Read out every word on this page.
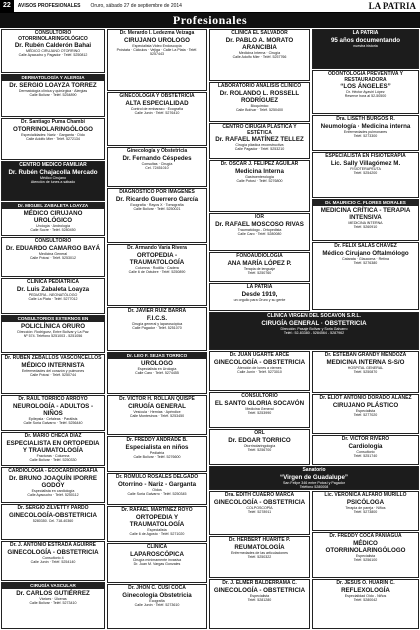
22	AVISOS PROFESIONALES	Oruro, sábado 27 de septiembre de 2014	LA PATRIA
Profesionales
CONSULTORIO OTORRINOLARINGOLÓGICO
Dr. Rubén Calderón Bahai
MÉDICO CIRUJANO OTORRINO
Calle Ayacucho y Pagador · Teléf. 5250812
DERMATOLOGÍA Y ALERGIA
Dr. SERGIO LOAYZA TORREZ
Dermatología clínica y quirúrgica · Alergias
Calle Bolívar · Teléf. 5254890
Dr. Santiago Puma Chambi
OTORRINOLARINGÓLOGO
Especialidades: Nariz · Garganta · Oído
Calle Adolfo Mier · Teléf. 5272134
CENTRO MÉDICO FAMILIAR
Dr. Rubén Chajacolla Mercado
Médico Cirujano
Atención de lunes a sábado
Dr. MIGUEL ZABALETA LOAYZA
MÉDICO CIRUJANO UROLÓGICO
Urología · Andrología
Calle Sucre · Teléf. 5280450
CONSULTORIO
Dr. EDUARDO CAMARGO BAYÁ
Medicina General
Calle Potosí · Teléf. 5253012
CLÍNICA PEDIÁTRICA
Dr. Luis Zabaleta Loayza
PEDIATRA - NEONATÓLOGO
Calle La Plata · Teléf. 5277012
CONSULTORIOS EXTERNOS EN
POLICLÍNICA ORURO
Dirección: Rodríguez, Entre Bolívar y La Paz
Nº 574. Teléfono 5251003 - 5251056
Dr. RUBÉN ZEBALLOS VASCONCELLOS
MÉDICO INTERNISTA
Enfermedades del corazón y pulmones
Calle Potosí · Teléf. 5250744
Dr. RAÚL TORRICO ARROYO
NEUROLOGÍA - ADULTOS - NIÑOS
Epilepsia · Cefaleas · Parálisis
Calle Soria Galvarro · Teléf. 5256440
Dr. MARIO CHECA DIAZ
ESPECIALISTA EN ORTOPEDIA Y TRAUMATOLOGÍA
Fracturas · Columna
Calle Bolívar · Teléf. 5250330
CARDIOLOGÍA - ECOCARDIOGRAFÍA
Dr. BRUNO JOAQUÍN IPORRE GODOY
Especialista en cardiología
Calle Ayacucho · Teléf. 5250112
Dr. SERGIO ZILVETTY PARDO
GINECOLOGÍA-OBSTETRICIA
5280350. Cel. 718-40360
Dr. J. ANTONIO ESTRADA AGUIRRE
GINECOLOGÍA - OBSTETRICIA
Consultorio 4
Calle Junín · Teléf. 5254140
CIRUGÍA VASCULAR
Dr. CARLOS GUTIÉRREZ
Várices · Úlceras
Calle Bolívar · Teléf. 5273410
Dr. Merardo I. Ledezma Veizaga
CIRUJANO UROLOGO
Especialista Video Endoscopía
Próstata · Cálculos · Vejiga · Calle La Plata · Teléf. 5257443
GINECOLOGÍA Y OBSTETRICIA
ALTA ESPECIALIDAD
Control de embarazo · Ecografía
Calle Junín · Teléf. 5276410
Ginecología y Obstetricia
Dr. Fernando Céspedes
Consultas · Cirugía
Cel. 72451010
DIAGNÓSTICO POR IMÁGENES
Dr. Ricardo Guerrero García
Ecografía · Rayos X · Tomografía
Calle Bolívar · Teléf. 5250021
Dr. Armando Varía Rivera
ORTOPEDIA - TRAUMATOLOGÍA
Columna · Rodilla · Cadera
Calle 6 de Octubre · Teléf. 5250890
Dr. JAVIER RUIZ BARRA
F.I.C.S.
Cirugía general y laparoscópica
Calle Pagador · Teléf. 5251070
Dr. LEO F. SEJAS TORRICO
UROLOGO
Especialista en Urología
Calle Caro · Teléf. 5274455
Dr. VÍCTOR H. ROLLAN QUISPE
CIRUGÍA GENERAL
Vesícula · Hernias · Apéndice
Calle Montesinos · Teléf. 5253450
Dr. FREDDY ANDRADE B.
Especialista en niños
Pediatría
Calle Bolívar · Teléf. 5276600
Dr. ROMULO ROSALES DELGADO
Otorrino - Nariz - Garganta
Oídos
Calle Soria Galvarro · Teléf. 5250345
Dr. RAFAEL MARTÍNEZ ROYO
ORTOPEDIA Y TRAUMATOLOGÍA
Especialista
Calle 6 de Agosto · Teléf. 5271020
CLÍNICA
LAPAROSCÓPICA
Cirugía mínimamente invasiva
Dr. Juan M. Vargas Gonzales
Dr. JHON C. CUSI COCA
Ginecología Obstetricia
Ecografía
Calle Junín · Teléf. 5273610
CLÍNICA EL SALVADOR
Dr. PABLO A. MORATO ARANCIBIA
Medicina Interna · Cirugía
Calle Adolfo Mier · Teléf. 5257766
LABORATORIO ANÁLISIS CLÍNICO
Dr. ROLANDO L. ROSSELL RODRÍGUEZ
Bioquímico
Calle Bolívar · Teléf. 5250400
CENTRO CIRUGÍA PLÁSTICA Y ESTÉTICA
Dr. RAFAEL MATÍNEZ TELLEZ
Cirugía plástica reconstructiva
Calle Pagador · Teléf. 5253210
Dr. OSCAR J. FELIPEZ AGUILAR
Medicina Interna
Gastroenterología
Calle Potosí · Teléf. 5276800
IOR
Dr. RAFAEL MOSCOSO RIVAS
Traumatólogo - Ortopedista
Calle Caro · Teléf. 5280080
FONOAUDIOLOGÍA
ANA MARÍA LÓPEZ P.
Terapia de lenguaje
Teléf. 5250760
LA PATRIA
Desde 1919,
un orgullo para Oruro y su gente
CLÍNICA VIRGEN DEL SOCAVÓN S.R.L.
CIRUGÍA GENERAL · OBSTETRICIA
Dirección: Pasaje Bolívar y Soria Galvarro
Teléf.: 52-83380 - 5284564 - 5287962
Dr. JUAN UGARTE ARCE
GINECOLOGÍA - OBSTETRICIA
Atención de lunes a viernes
Calle Junín · Teléf. 5273010
CONSULTORIO
EL SANTO GLORIA SOCAVÓN
Medicina General
Teléf. 5253990
ORL
Dr. EDGAR TORRICO
Otorrinolaringología
Teléf. 5256700
Sanatorio
“Virgen de Guadalupe”
San Felipe 346 entre Potosí y Pagador
Teléfono 5280008
Dra. EDITH CUAERO MARCA
GINECOLOGÍA - OBSTETRICIA
COLPOSCOPÍA
Teléf. 5278911
Dr. HERBERT HUARITE P.
REUMATOLOGÍA
Enfermedades de las articulaciones
Teléf. 5250322
Dr. J. ELMER BALDERRAMA C.
GINECOLOGÍA - OBSTETRICIA
Especialista
Teléf. 5281280
LA PATRIA
95 años documentando
nuestra historia
ODONTOLOGÍA PREVENTIVA Y RESTAURADORA
“LOS ÁNGELES”
Dr. Héctor Ayaviri López
Reserve hora al 52-50500
Dra. LISETH BURGOS R.
Neumología · Medicina interna
Enfermedades pulmonares
Teléf. 5273300
ESPECIALISTA EN FISIOTERAPIA
Lic. Sally Villagómez M.
FISIOTERAPEUTA
Teléf. 5254200
Dr. MAURICIO C. FLORES MORALES
MEDICINA CRÍTICA - TERAPIA INTENSIVA
MEDICINA INTERNA
Teléf. 5260910
Dr. FÉLIX SALAS CHÁVEZ
Médico Cirujano Oftalmólogo
Catarata · Glaucoma · Retina
Teléf. 5276380
Dr. ESTEBAN GRANDY MENDOZA
MEDICINA INTERNA S-S/O
HOSPITAL GENERAL
Teléf. 5250870
Dr. ELIOT ANTONIO DORADO ALANEZ
CIRUJANO PLÁSTICO
Especialista
Teléf. 5277020
Dr. VICTOR RIVERO
Cardiología
Consultorio
Teléf. 5251740
Lic. VERÓNICA ALFARO MURILLO
PSICÓLOGA
Terapia de pareja · Niños
Teléf. 5273800
Dr. FREDDY COCA PANIAGUA
MÉDICO OTORRINOLARINGÓLOGO
Especialista
Teléf. 5256100
Dr. JESÚS O. HUARIN C.
REFLEXOLOGÍA
Especialidad Oído - Niños
Teléf. 5280042
